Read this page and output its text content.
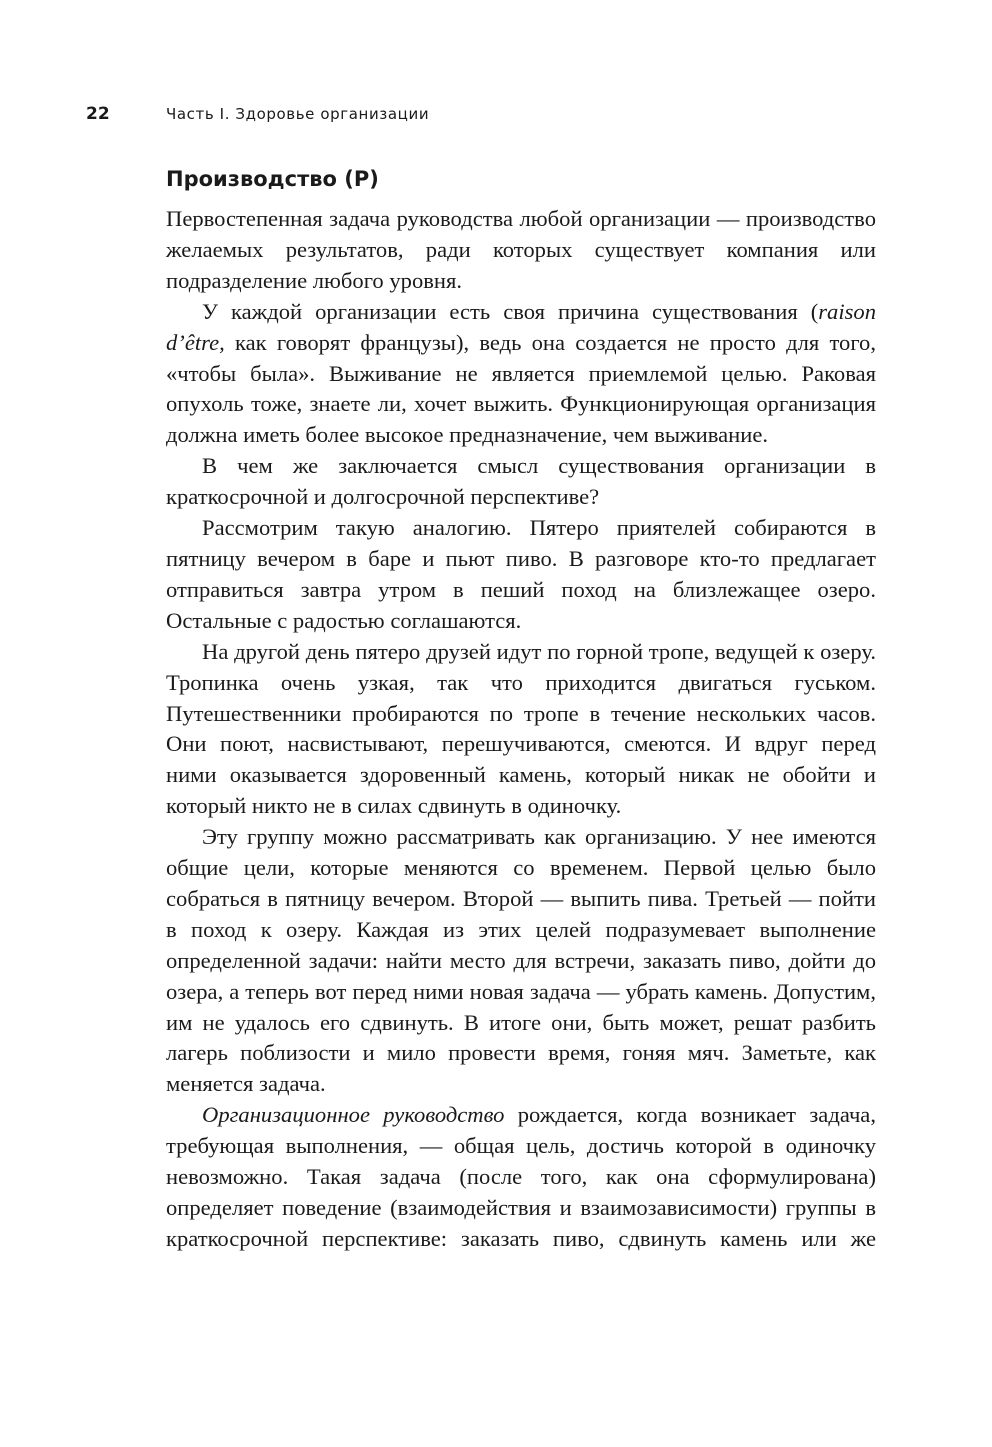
22	Часть I. Здоровье организации
Производство (P)

Первостепенная задача руководства любой организации — производство желаемых результатов, ради которых существует компания или подразделение любого уровня.

У каждой организации есть своя причина существования (raison d’être, как говорят французы), ведь она создается не просто для того, «чтобы была». Выживание не является приемлемой целью. Раковая опухоль тоже, знаете ли, хочет выжить. Функционирующая организация должна иметь более высокое предназначение, чем выживание.

В чем же заключается смысл существования организации в краткосрочной и долгосрочной перспективе?

Рассмотрим такую аналогию. Пятеро приятелей собираются в пятницу вечером в баре и пьют пиво. В разговоре кто-то предлагает отправиться завтра утром в пеший поход на близлежащее озеро. Остальные с радостью соглашаются.

На другой день пятеро друзей идут по горной тропе, ведущей к озеру. Тропинка очень узкая, так что приходится двигаться гуськом. Путешественники пробираются по тропе в течение нескольких часов. Они поют, насвистывают, перешучиваются, смеются. И вдруг перед ними оказывается здоровенный камень, который никак не обойти и который никто не в силах сдвинуть в одиночку.

Эту группу можно рассматривать как организацию. У нее имеются общие цели, которые меняются со временем. Первой целью было собраться в пятницу вечером. Второй — выпить пива. Третьей — пойти в поход к озеру. Каждая из этих целей подразумевает выполнение определенной задачи: найти место для встречи, заказать пиво, дойти до озера, а теперь вот перед ними новая задача — убрать камень. Допустим, им не удалось его сдвинуть. В итоге они, быть может, решат разбить лагерь поблизости и мило провести время, гоняя мяч. Заметьте, как меняется задача.

Организационное руководство рождается, когда возникает задача, требующая выполнения, — общая цель, достичь которой в одиночку невозможно. Такая задача (после того, как она сформулирована) определяет поведение (взаимодействия и взаимозависимости) группы в краткосрочной перспективе: заказать пиво, сдвинуть камень или же
